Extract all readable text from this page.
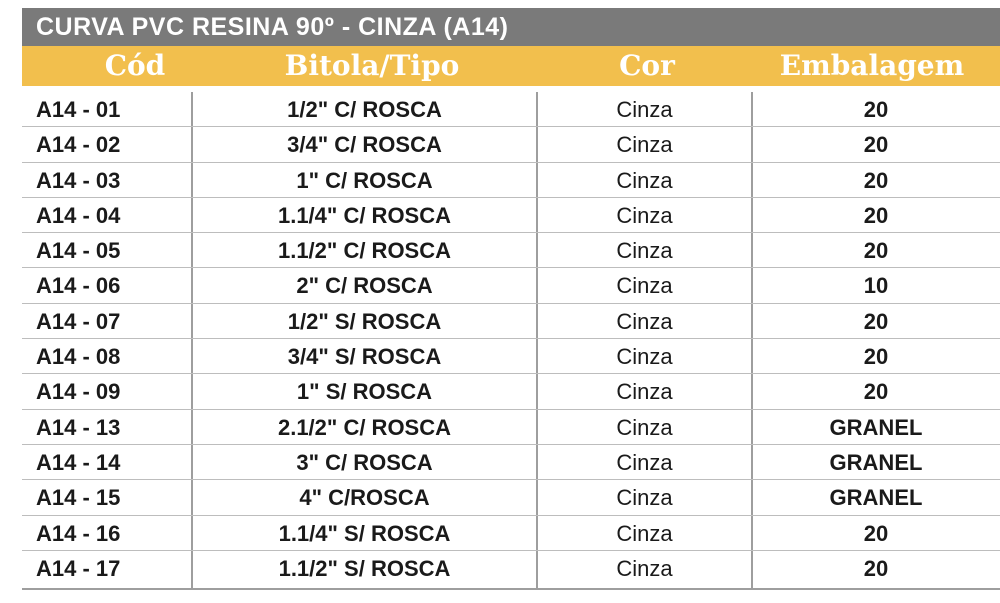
CURVA PVC RESINA 90º - CINZA (A14)
Cód	Bitola/Tipo	Cor	Embalagem
A14 - 01	1/2" C/ ROSCA	Cinza	20
A14 - 02	3/4" C/ ROSCA	Cinza	20
A14 - 03	1" C/ ROSCA	Cinza	20
A14 - 04	1.1/4" C/ ROSCA	Cinza	20
A14 - 05	1.1/2" C/ ROSCA	Cinza	20
A14 - 06	2" C/ ROSCA	Cinza	10
A14 - 07	1/2" S/ ROSCA	Cinza	20
A14 - 08	3/4" S/ ROSCA	Cinza	20
A14 - 09	1" S/ ROSCA	Cinza	20
A14 - 13	2.1/2" C/ ROSCA	Cinza	GRANEL
A14 - 14	3" C/ ROSCA	Cinza	GRANEL
A14 - 15	4" C/ROSCA	Cinza	GRANEL
A14 - 16	1.1/4" S/ ROSCA	Cinza	20
A14 - 17	1.1/2" S/ ROSCA	Cinza	20
